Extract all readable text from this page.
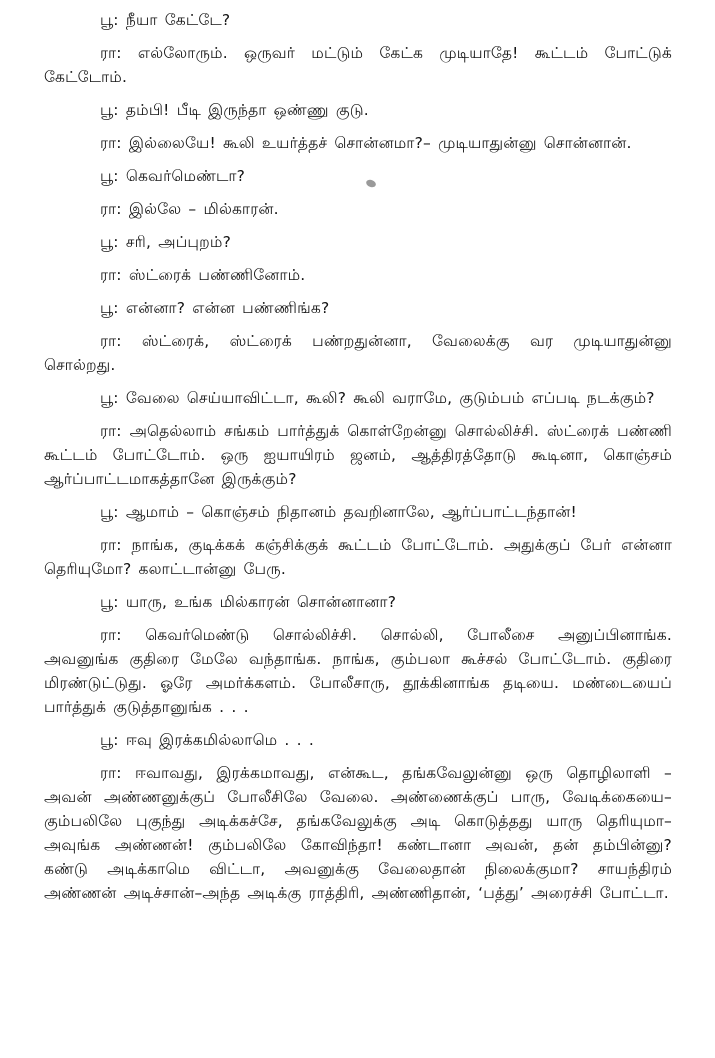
பூ: நீயா கேட்டே?

ரா: எல்லோரும். ஒருவர் மட்டும் கேட்க முடியாதே! கூட்டம் போட்டுக் கேட்டோம்.

பூ: தம்பி! பீடி இருந்தா ஒண்ணு குடு.

ரா: இல்லையே! கூலி உயர்த்தச் சொன்னமா?– முடியாதுன்னு சொன்னான்.

பூ: கெவர்மெண்டா?

ரா: இல்லே – மில்காரன்.

பூ: சரி, அப்புறம்?

ரா: ஸ்ட்ரைக் பண்ணினோம்.

பூ: என்னா? என்ன பண்ணிங்க?

ரா: ஸ்ட்ரைக், ஸ்ட்ரைக் பண்றதுன்னா, வேலைக்கு வர முடியாதுன்னு சொல்றது.

பூ: வேலை செய்யாவிட்டா, கூலி? கூலி வராமே, குடும்பம் எப்படி நடக்கும்?

ரா: அதெல்லாம் சங்கம் பார்த்துக் கொள்றேன்னு சொல்லிச்சி. ஸ்ட்ரைக் பண்ணி கூட்டம் போட்டோம். ஒரு ஐயாயிரம் ஜனம், ஆத்திரத்தோடு கூடினா, கொஞ்சம் ஆர்ப்பாட்டமாகத்தானே இருக்கும்?

பூ: ஆமாம் – கொஞ்சம் நிதானம் தவறினாலே, ஆர்ப்பாட்டந்தான்!

ரா: நாங்க, குடிக்கக் கஞ்சிக்குக் கூட்டம் போட்டோம். அதுக்குப் பேர் என்னா தெரியுமோ? கலாட்டான்னு பேரு.

பூ: யாரு, உங்க மில்காரன் சொன்னானா?

ரா: கெவர்மெண்டு சொல்லிச்சி. சொல்லி, போலீசை அனுப்பினாங்க. அவனுங்க குதிரை மேலே வந்தாங்க. நாங்க, கும்பலா கூச்சல் போட்டோம். குதிரை மிரண்டுட்டுது. ஓரே அமர்க்களம். போலீசாரு, தூக்கினாங்க தடியை. மண்டையைப் பார்த்துக் குடுத்தானுங்க . . .

பூ: ஈவு இரக்கமில்லாமெ . . .

ரா: ஈவாவது, இரக்கமாவது, என்கூட, தங்கவேலுன்னு ஒரு தொழிலாளி – அவன் அண்ணனுக்குப் போலீசிலே வேலை. அண்ணைக்குப் பாரு, வேடிக்கையை–கும்பலிலே புகுந்து அடிக்கச்சே, தங்கவேலுக்கு அடி கொடுத்தது யாரு தெரியுமா–அவுங்க அண்ணன்! கும்பலிலே கோவிந்தா! கண்டானா அவன், தன் தம்பின்னு? கண்டு அடிக்காமெ விட்டா, அவனுக்கு வேலைதான் நிலைக்குமா? சாயந்திரம் அண்ணன் அடிச்சான்–அந்த அடிக்கு ராத்திரி, அண்ணிதான், ‘பத்து’ அரைச்சி போட்டா.
